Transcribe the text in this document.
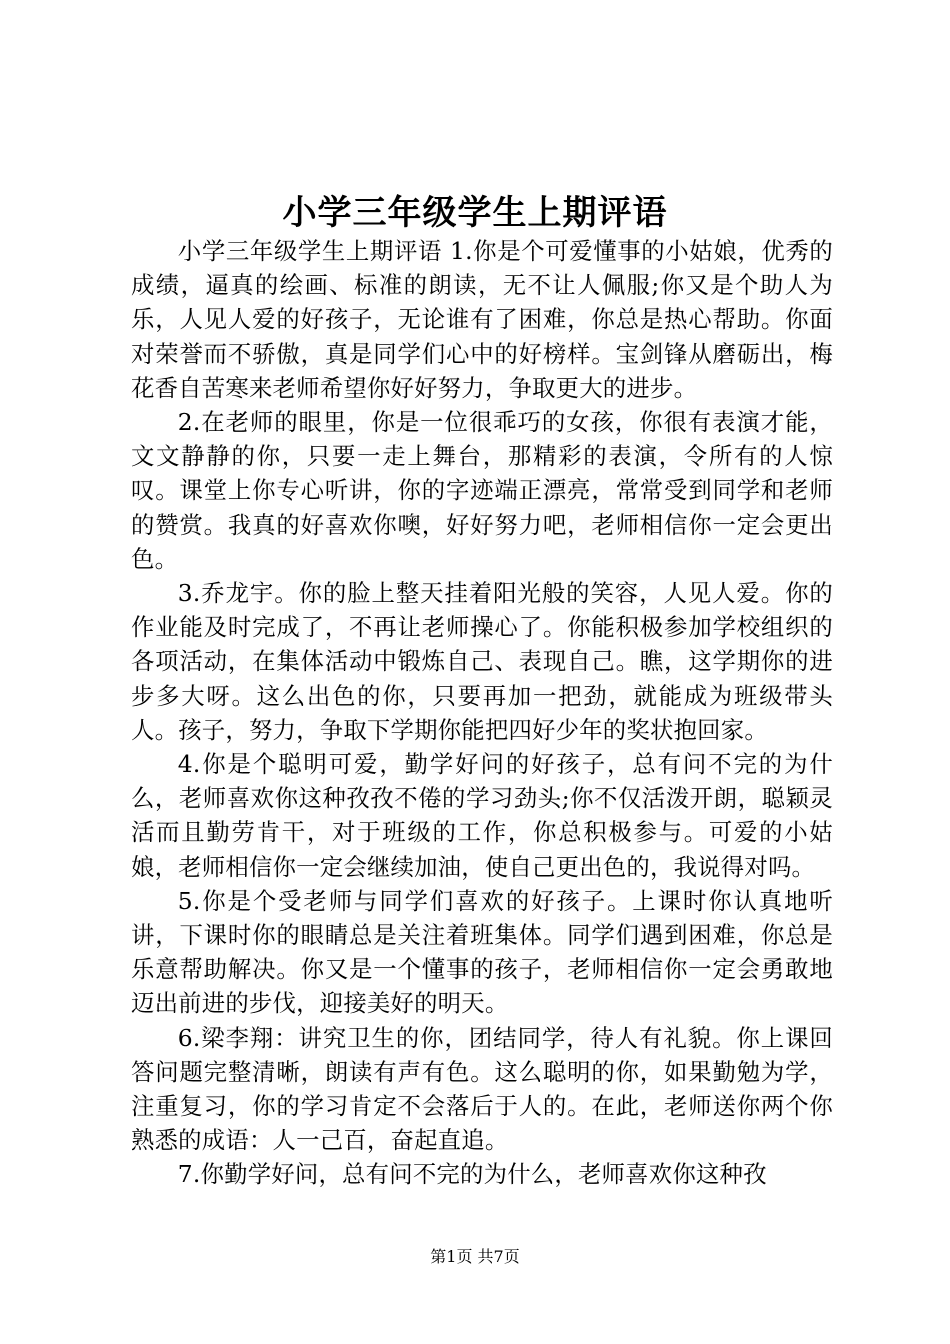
小学三年级学生上期评语

小学三年级学生上期评语 1.你是个可爱懂事的小姑娘，优秀的成绩，逼真的绘画、标准的朗读，无不让人佩服;你又是个助人为乐，人见人爱的好孩子，无论谁有了困难，你总是热心帮助。你面对荣誉而不骄傲，真是同学们心中的好榜样。宝剑锋从磨砺出，梅花香自苦寒来老师希望你好好努力，争取更大的进步。

2.在老师的眼里，你是一位很乖巧的女孩，你很有表演才能，文文静静的你，只要一走上舞台，那精彩的表演，令所有的人惊叹。课堂上你专心听讲，你的字迹端正漂亮，常常受到同学和老师的赞赏。我真的好喜欢你噢，好好努力吧，老师相信你一定会更出色。

3.乔龙宇。你的脸上整天挂着阳光般的笑容，人见人爱。你的作业能及时完成了，不再让老师操心了。你能积极参加学校组织的各项活动，在集体活动中锻炼自己、表现自己。瞧，这学期你的进步多大呀。这么出色的你，只要再加一把劲，就能成为班级带头人。孩子，努力，争取下学期你能把四好少年的奖状抱回家。

4.你是个聪明可爱，勤学好问的好孩子，总有问不完的为什么，老师喜欢你这种孜孜不倦的学习劲头;你不仅活泼开朗，聪颖灵活而且勤劳肯干，对于班级的工作，你总积极参与。可爱的小姑娘，老师相信你一定会继续加油，使自己更出色的，我说得对吗。

5.你是个受老师与同学们喜欢的好孩子。上课时你认真地听讲，下课时你的眼睛总是关注着班集体。同学们遇到困难，你总是乐意帮助解决。你又是一个懂事的孩子，老师相信你一定会勇敢地迈出前进的步伐，迎接美好的明天。

6.梁李翔：讲究卫生的你，团结同学，待人有礼貌。你上课回答问题完整清晰，朗读有声有色。这么聪明的你，如果勤勉为学，注重复习，你的学习肯定不会落后于人的。在此，老师送你两个你熟悉的成语：人一己百，奋起直追。

7.你勤学好问，总有问不完的为什么，老师喜欢你这种孜

第1页 共7页
